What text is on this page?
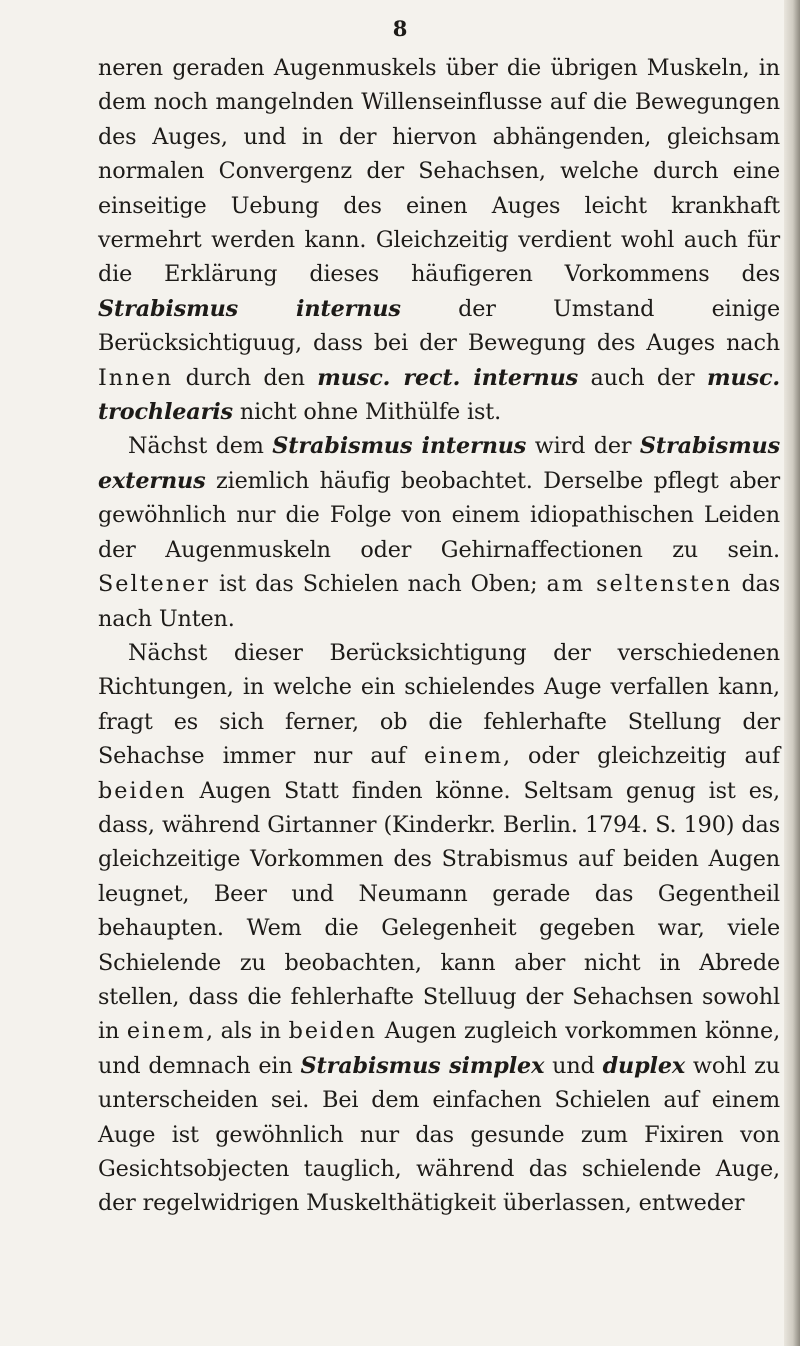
8

neren geraden Augenmuskels über die übrigen Muskeln, in dem noch mangelnden Willenseinflusse auf die Bewegungen des Auges, und in der hiervon abhängenden, gleichsam normalen Convergenz der Sehachsen, welche durch eine einseitige Uebung des einen Auges leicht krankhaft vermehrt werden kann. Gleichzeitig verdient wohl auch für die Erklärung dieses häufigeren Vorkommens des Strabismus internus der Umstand einige Berücksichtiguug, dass bei der Bewegung des Auges nach Innen durch den musc. rect. internus auch der musc. trochlearis nicht ohne Mithülfe ist.

Nächst dem Strabismus internus wird der Strabismus externus ziemlich häufig beobachtet. Derselbe pflegt aber gewöhnlich nur die Folge von einem idiopathischen Leiden der Augenmuskeln oder Gehirnaffectionen zu sein. Seltener ist das Schielen nach Oben; am seltensten das nach Unten.

Nächst dieser Berücksichtigung der verschiedenen Richtungen, in welche ein schielendes Auge verfallen kann, fragt es sich ferner, ob die fehlerhafte Stellung der Sehachse immer nur auf einem, oder gleichzeitig auf beiden Augen Statt finden könne. Seltsam genug ist es, dass, während Girtanner (Kinderkr. Berlin. 1794. S. 190) das gleichzeitige Vorkommen des Strabismus auf beiden Augen leugnet, Beer und Neumann gerade das Gegentheil behaupten. Wem die Gelegenheit gegeben war, viele Schielende zu beobachten, kann aber nicht in Abrede stellen, dass die fehlerhafte Stelluug der Sehachsen sowohl in einem, als in beiden Augen zugleich vorkommen könne, und demnach ein Strabismus simplex und duplex wohl zu unterscheiden sei. Bei dem einfachen Schielen auf einem Auge ist gewöhnlich nur das gesunde zum Fixiren von Gesichtsobjecten tauglich, während das schielende Auge, der regelwidrigen Muskelthätigkeit überlassen, entweder
